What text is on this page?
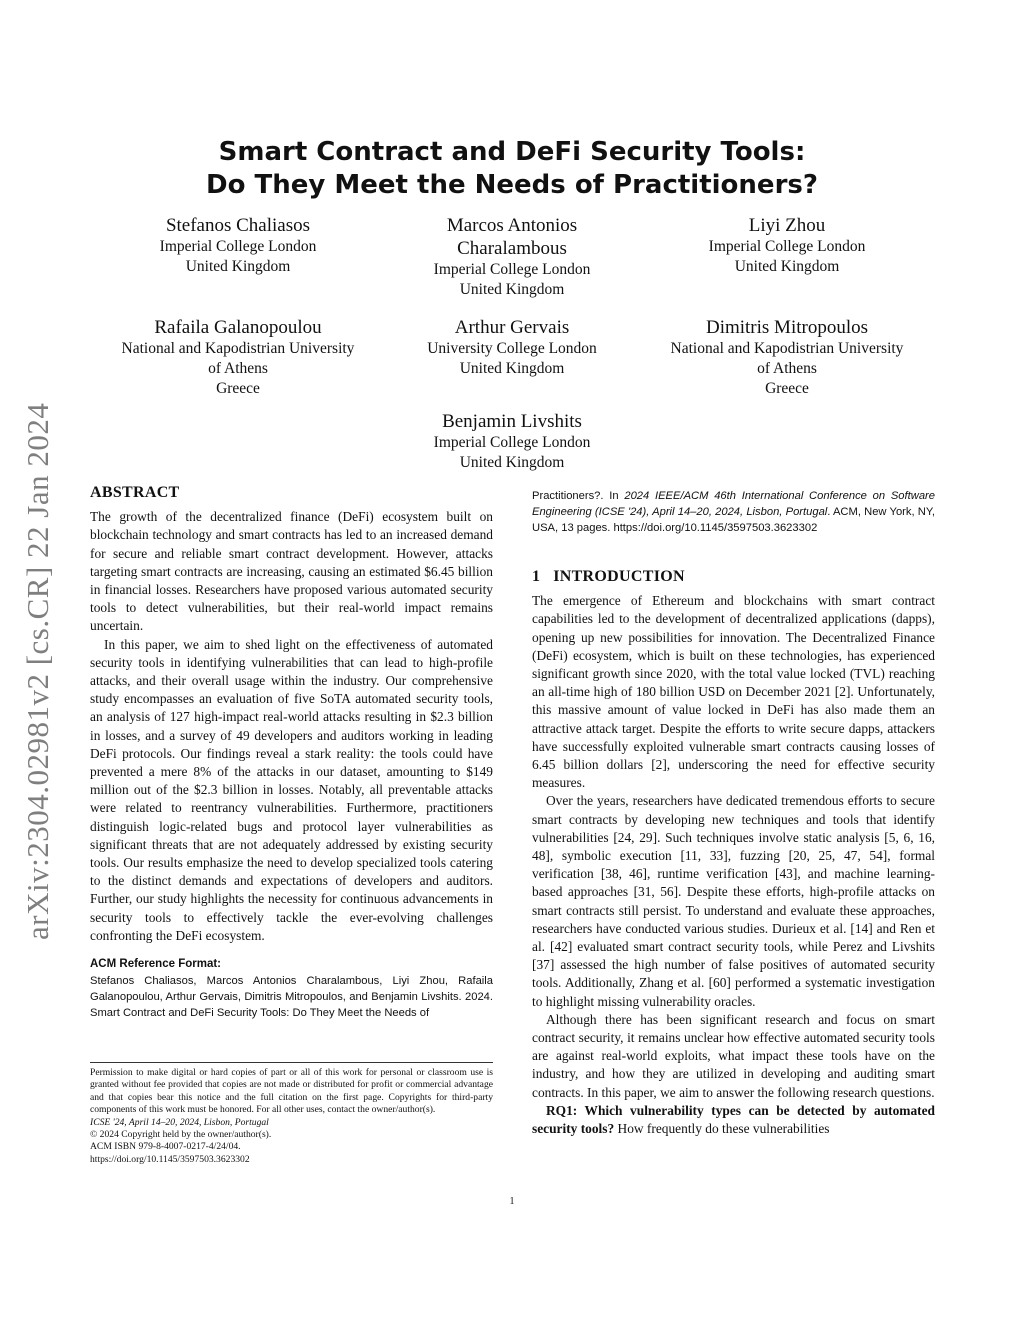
arXiv:2304.02981v2 [cs.CR] 22 Jan 2024
Smart Contract and DeFi Security Tools:
Do They Meet the Needs of Practitioners?
Stefanos Chaliasos
Imperial College London
United Kingdom
Marcos Antonios
Charalambous
Imperial College London
United Kingdom
Liyi Zhou
Imperial College London
United Kingdom
Rafaila Galanopoulou
National and Kapodistrian University
of Athens
Greece
Arthur Gervais
University College London
United Kingdom
Dimitris Mitropoulos
National and Kapodistrian University
of Athens
Greece
Benjamin Livshits
Imperial College London
United Kingdom
ABSTRACT

The growth of the decentralized finance (DeFi) ecosystem built on blockchain technology and smart contracts has led to an increased demand for secure and reliable smart contract development. However, attacks targeting smart contracts are increasing, causing an estimated $6.45 billion in financial losses. Researchers have proposed various automated security tools to detect vulnerabilities, but their real-world impact remains uncertain.

In this paper, we aim to shed light on the effectiveness of automated security tools in identifying vulnerabilities that can lead to high-profile attacks, and their overall usage within the industry. Our comprehensive study encompasses an evaluation of five SoTA automated security tools, an analysis of 127 high-impact real-world attacks resulting in $2.3 billion in losses, and a survey of 49 developers and auditors working in leading DeFi protocols. Our findings reveal a stark reality: the tools could have prevented a mere 8% of the attacks in our dataset, amounting to $149 million out of the $2.3 billion in losses. Notably, all preventable attacks were related to reentrancy vulnerabilities. Furthermore, practitioners distinguish logic-related bugs and protocol layer vulnerabilities as significant threats that are not adequately addressed by existing security tools. Our results emphasize the need to develop specialized tools catering to the distinct demands and expectations of developers and auditors. Further, our study highlights the necessity for continuous advancements in security tools to effectively tackle the ever-evolving challenges confronting the DeFi ecosystem.

ACM Reference Format:
Stefanos Chaliasos, Marcos Antonios Charalambous, Liyi Zhou, Rafaila Galanopoulou, Arthur Gervais, Dimitris Mitropoulos, and Benjamin Livshits. 2024. Smart Contract and DeFi Security Tools: Do They Meet the Needs of

Permission to make digital or hard copies of part or all of this work for personal or classroom use is granted without fee provided that copies are not made or distributed for profit or commercial advantage and that copies bear this notice and the full citation on the first page. Copyrights for third-party components of this work must be honored. For all other uses, contact the owner/author(s).

ICSE '24, April 14–20, 2024, Lisbon, Portugal

© 2024 Copyright held by the owner/author(s).

ACM ISBN 979-8-4007-0217-4/24/04.

https://doi.org/10.1145/3597503.3623302

Practitioners?. In 2024 IEEE/ACM 46th International Conference on Software Engineering (ICSE '24), April 14–20, 2024, Lisbon, Portugal. ACM, New York, NY, USA, 13 pages. https://doi.org/10.1145/3597503.3623302
1   INTRODUCTION

The emergence of Ethereum and blockchains with smart contract capabilities led to the development of decentralized applications (dapps), opening up new possibilities for innovation. The Decentralized Finance (DeFi) ecosystem, which is built on these technologies, has experienced significant growth since 2020, with the total value locked (TVL) reaching an all-time high of 180 billion USD on December 2021 [2]. Unfortunately, this massive amount of value locked in DeFi has also made them an attractive attack target. Despite the efforts to write secure dapps, attackers have successfully exploited vulnerable smart contracts causing losses of 6.45 billion dollars [2], underscoring the need for effective security measures.

Over the years, researchers have dedicated tremendous efforts to secure smart contracts by developing new techniques and tools that identify vulnerabilities [24, 29]. Such techniques involve static analysis [5, 6, 16, 48], symbolic execution [11, 33], fuzzing [20, 25, 47, 54], formal verification [38, 46], runtime verification [43], and machine learning-based approaches [31, 56]. Despite these efforts, high-profile attacks on smart contracts still persist. To understand and evaluate these approaches, researchers have conducted various studies. Durieux et al. [14] and Ren et al. [42] evaluated smart contract security tools, while Perez and Livshits [37] assessed the high number of false positives of automated security tools. Additionally, Zhang et al. [60] performed a systematic investigation to highlight missing vulnerability oracles.

Although there has been significant research and focus on smart contract security, it remains unclear how effective automated security tools are against real-world exploits, what impact these tools have on the industry, and how they are utilized in developing and auditing smart contracts. In this paper, we aim to answer the following research questions.

RQ1: Which vulnerability types can be detected by automated security tools? How frequently do these vulnerabilities

1
